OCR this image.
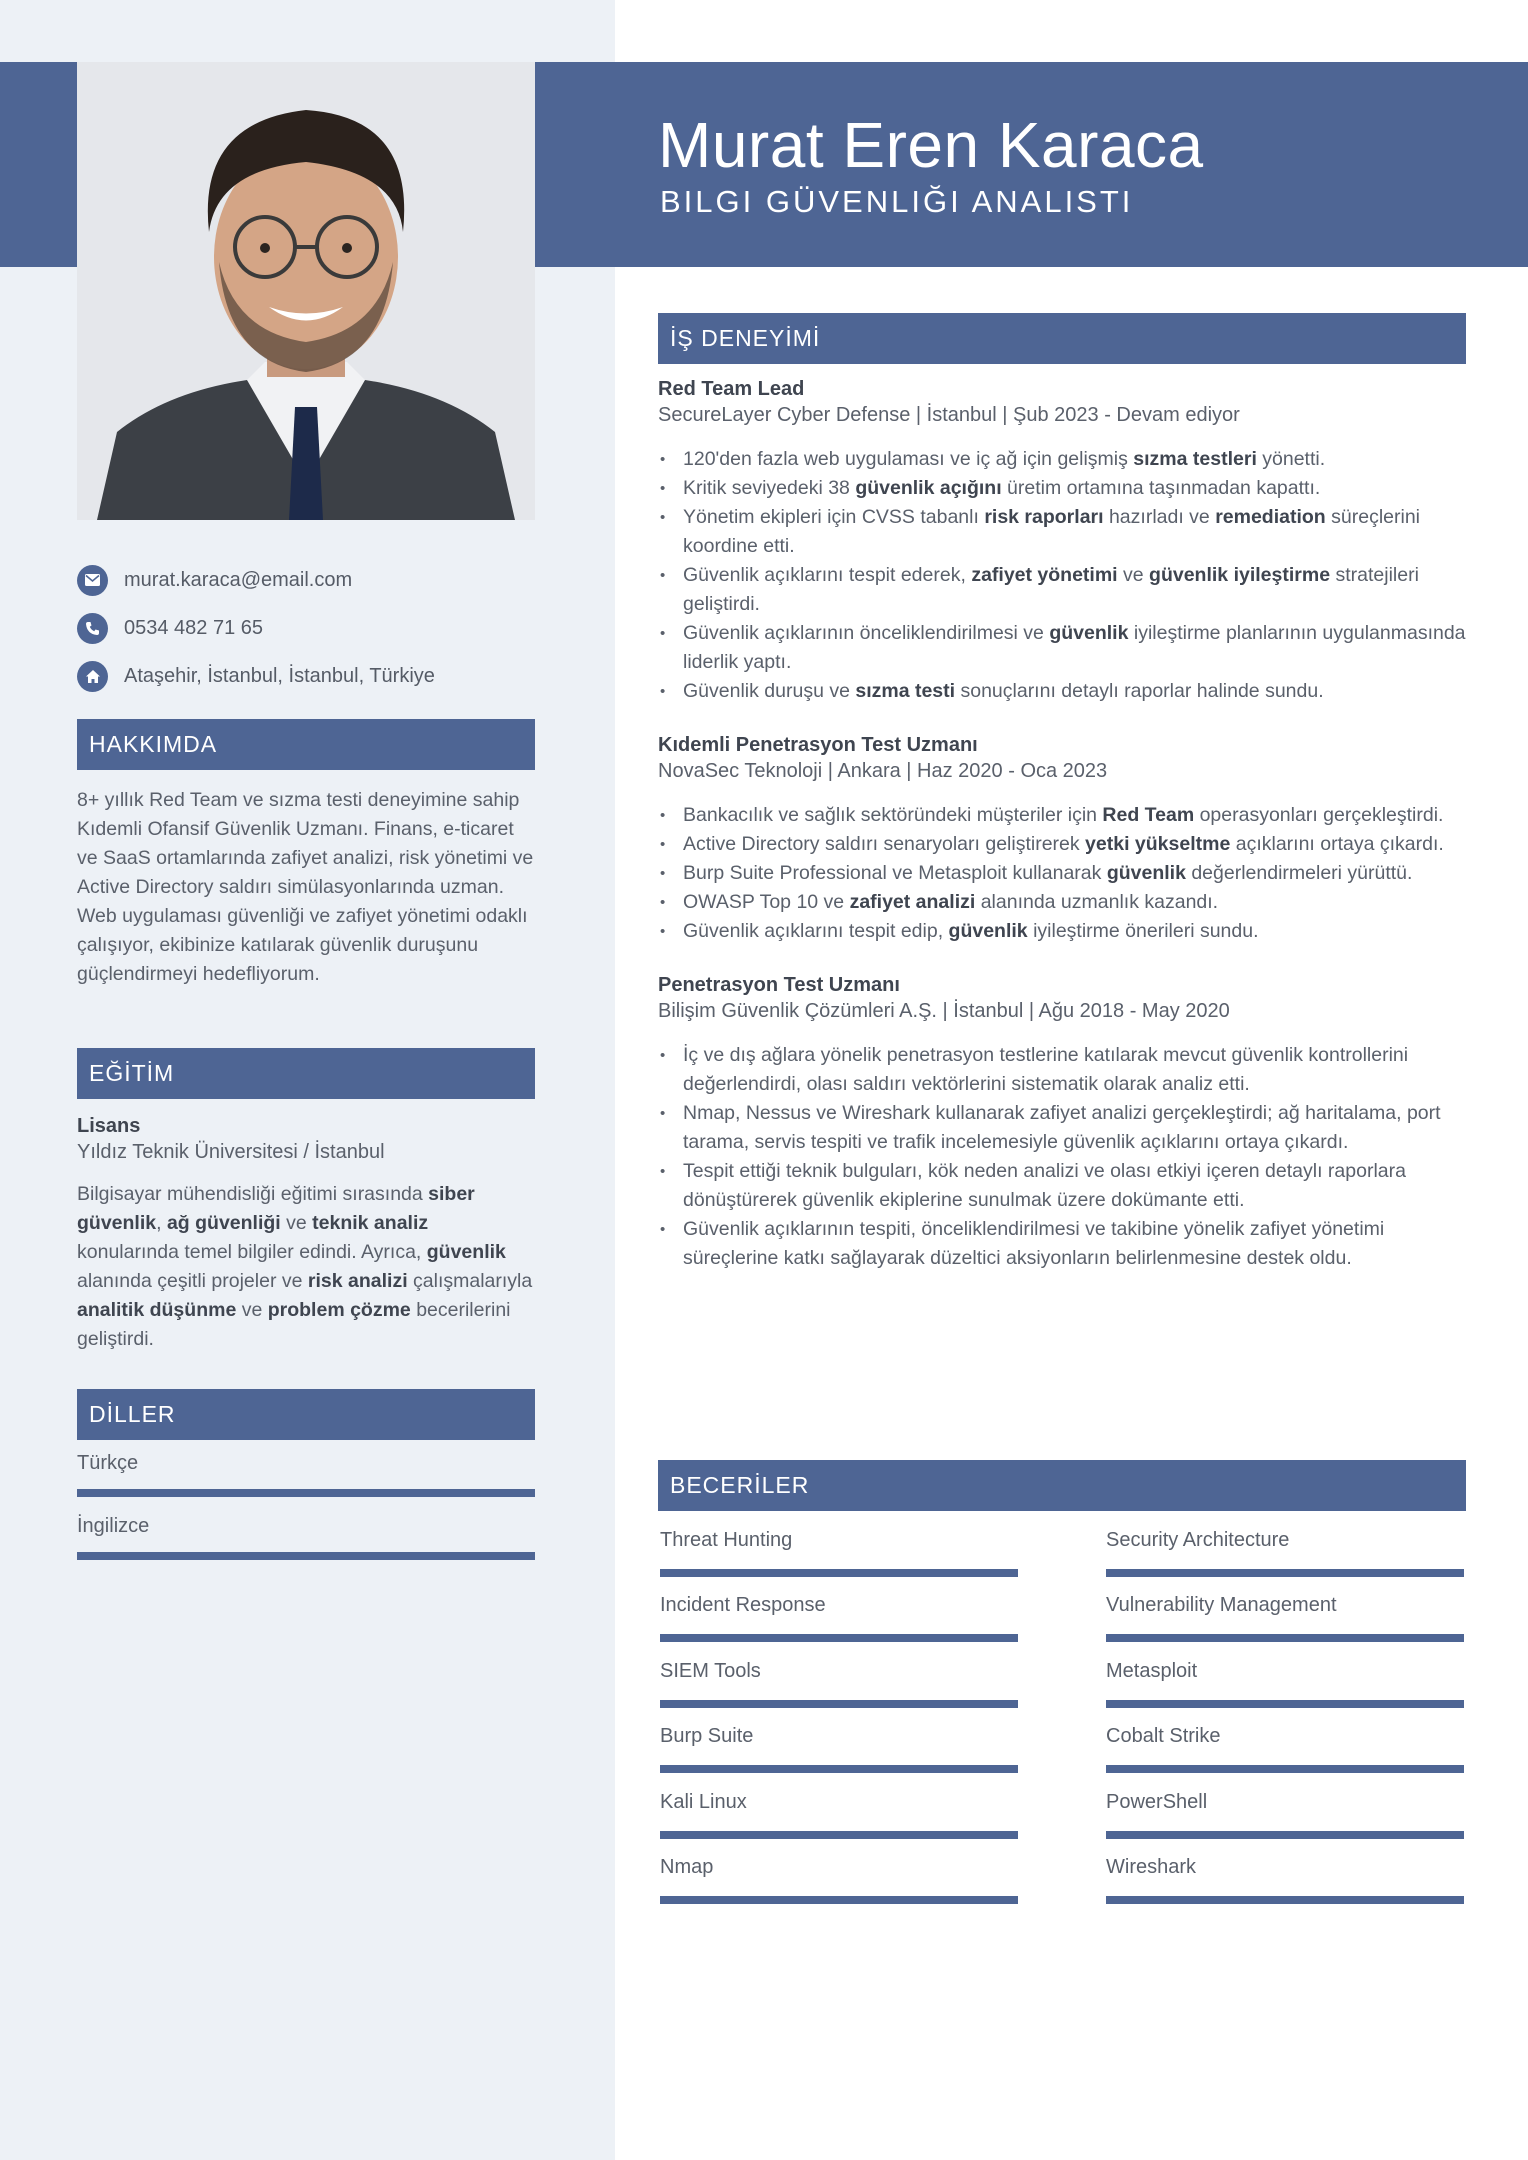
Murat Eren Karaca
BILGI GÜVENLIĞI ANALISTI
murat.karaca@email.com
0534 482 71 65
Ataşehir, İstanbul, İstanbul, Türkiye
HAKKIMDA
8+ yıllık Red Team ve sızma testi deneyimine sahip Kıdemli Ofansif Güvenlik Uzmanı. Finans, e-ticaret ve SaaS ortamlarında zafiyet analizi, risk yönetimi ve Active Directory saldırı simülasyonlarında uzman. Web uygulaması güvenliği ve zafiyet yönetimi odaklı çalışıyor, ekibinize katılarak güvenlik duruşunu güçlendirmeyi hedefliyorum.
EĞİTİM
Lisans
Yıldız Teknik Üniversitesi / İstanbul
Bilgisayar mühendisliği eğitimi sırasında siber güvenlik, ağ güvenliği ve teknik analiz konularında temel bilgiler edindi. Ayrıca, güvenlik alanında çeşitli projeler ve risk analizi çalışmalarıyla analitik düşünme ve problem çözme becerilerini geliştirdi.
DİLLER
Türkçe
İngilizce
İŞ DENEYİMİ
Red Team Lead
SecureLayer Cyber Defense | İstanbul | Şub 2023 - Devam ediyor
• 120'den fazla web uygulaması ve iç ağ için gelişmiş sızma testleri yönetti.
• Kritik seviyedeki 38 güvenlik açığını üretim ortamına taşınmadan kapattı.
• Yönetim ekipleri için CVSS tabanlı risk raporları hazırladı ve remediation süreçlerini koordine etti.
• Güvenlik açıklarını tespit ederek, zafiyet yönetimi ve güvenlik iyileştirme stratejileri geliştirdi.
• Güvenlik açıklarının önceliklendirilmesi ve güvenlik iyileştirme planlarının uygulanmasında liderlik yaptı.
• Güvenlik duruşu ve sızma testi sonuçlarını detaylı raporlar halinde sundu.
Kıdemli Penetrasyon Test Uzmanı
NovaSec Teknoloji | Ankara | Haz 2020 - Oca 2023
• Bankacılık ve sağlık sektöründeki müşteriler için Red Team operasyonları gerçekleştirdi.
• Active Directory saldırı senaryoları geliştirerek yetki yükseltme açıklarını ortaya çıkardı.
• Burp Suite Professional ve Metasploit kullanarak güvenlik değerlendirmeleri yürüttü.
• OWASP Top 10 ve zafiyet analizi alanında uzmanlık kazandı.
• Güvenlik açıklarını tespit edip, güvenlik iyileştirme önerileri sundu.
Penetrasyon Test Uzmanı
Bilişim Güvenlik Çözümleri A.Ş. | İstanbul | Ağu 2018 - May 2020
• İç ve dış ağlara yönelik penetrasyon testlerine katılarak mevcut güvenlik kontrollerini değerlendirdi, olası saldırı vektörlerini sistematik olarak analiz etti.
• Nmap, Nessus ve Wireshark kullanarak zafiyet analizi gerçekleştirdi; ağ haritalama, port tarama, servis tespiti ve trafik incelemesiyle güvenlik açıklarını ortaya çıkardı.
• Tespit ettiği teknik bulguları, kök neden analizi ve olası etkiyi içeren detaylı raporlara dönüştürerek güvenlik ekiplerine sunulmak üzere dokümante etti.
• Güvenlik açıklarının tespiti, önceliklendirilmesi ve takibine yönelik zafiyet yönetimi süreçlerine katkı sağlayarak düzeltici aksiyonların belirlenmesine destek oldu.
BECERİLER
Threat Hunting	Security Architecture
Incident Response	Vulnerability Management
SIEM Tools	Metasploit
Burp Suite	Cobalt Strike
Kali Linux	PowerShell
Nmap	Wireshark
